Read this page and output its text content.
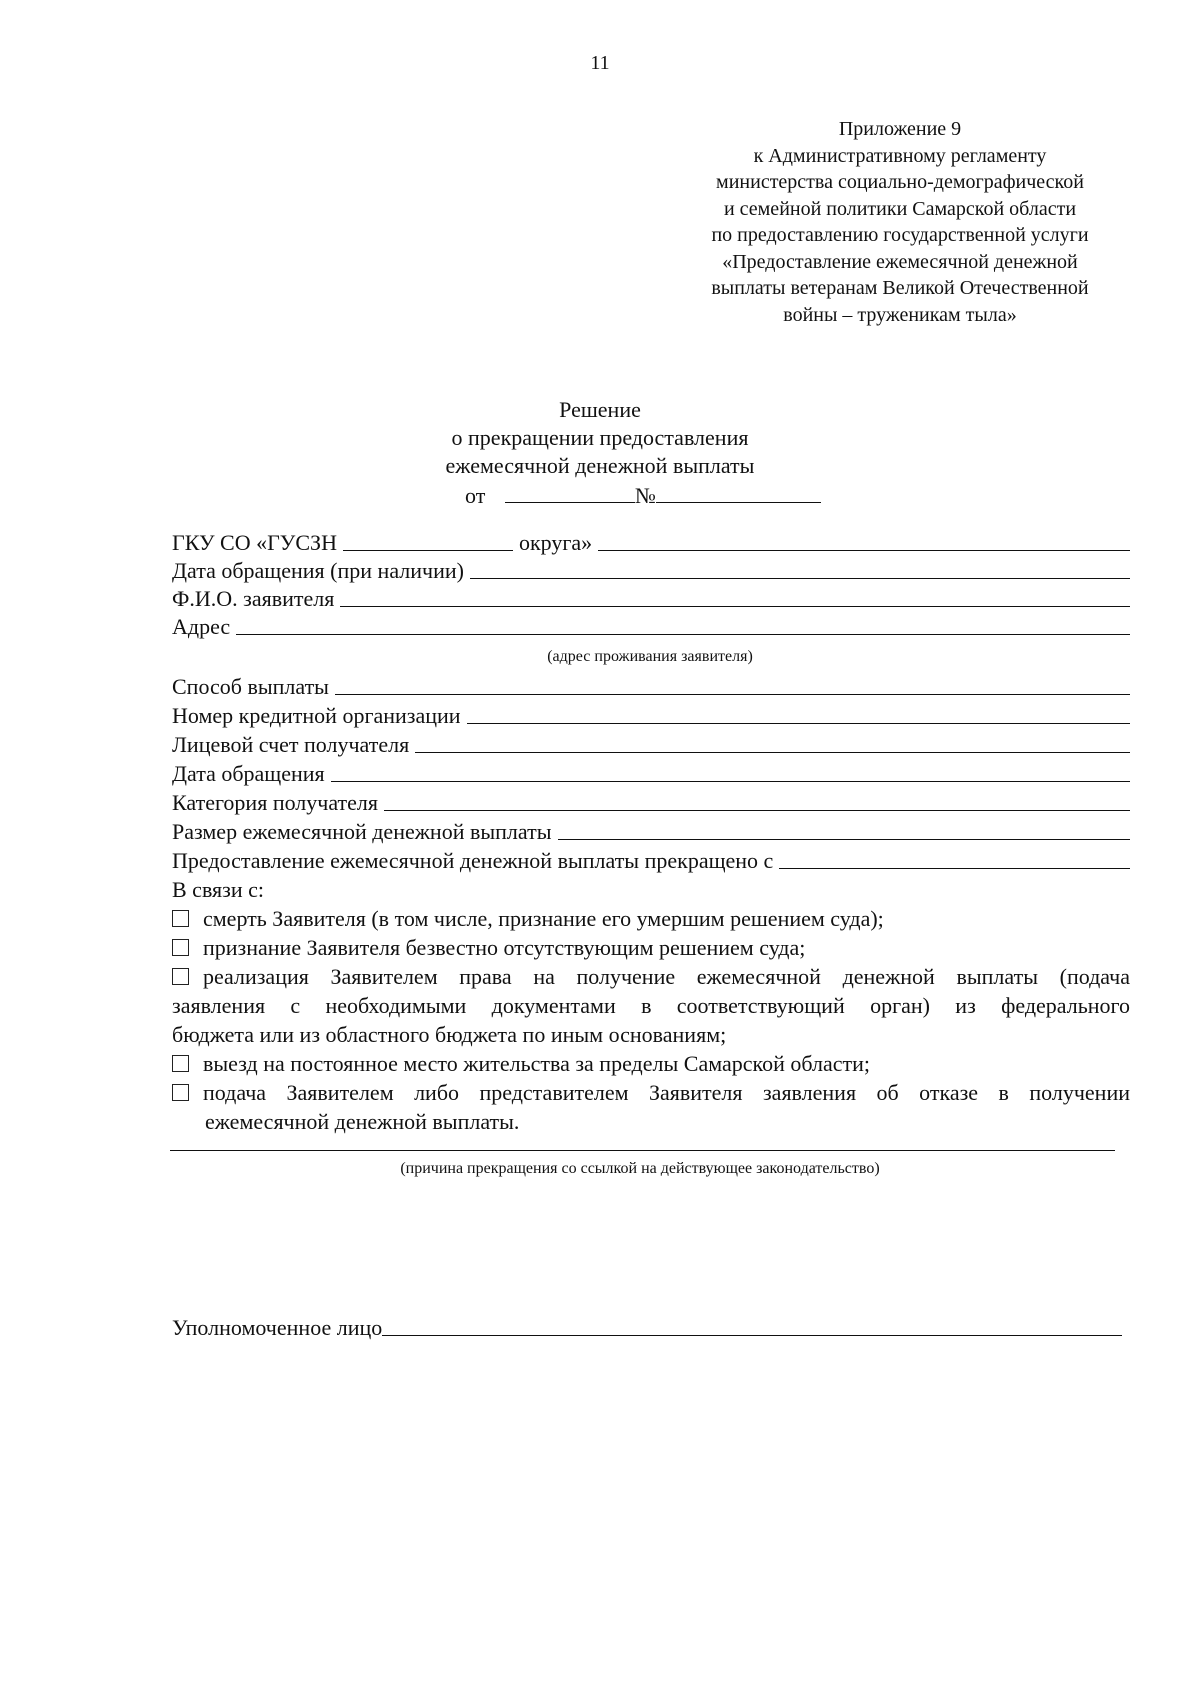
11
Приложение 9
к Административному регламенту
министерства социально-демографической
и семейной политики Самарской области
по предоставлению государственной услуги
«Предоставление ежемесячной денежной
выплаты ветеранам Великой Отечественной
войны – труженикам тыла»
Решение
о прекращении предоставления
ежемесячной денежной выплаты
от	№
ГКУ СО «ГУСЗН	округа»
Дата обращения (при наличии)
Ф.И.О. заявителя
Адрес
(адрес проживания заявителя)
Способ выплаты
Номер кредитной организации
Лицевой счет получателя
Дата обращения
Категория получателя
Размер ежемесячной денежной выплаты
Предоставление ежемесячной денежной выплаты прекращено с
В связи с:
смерть Заявителя (в том числе, признание его умершим решением суда);
признание Заявителя безвестно отсутствующим решением суда;
реализация Заявителем права на получение ежемесячной денежной выплаты (подача
заявления с необходимыми документами в соответствующий орган) из федерального
бюджета или из областного бюджета по иным основаниям;
выезд на постоянное место жительства за пределы Самарской области;
подача Заявителем либо представителем Заявителя заявления об отказе в получении
ежемесячной денежной выплаты.
(причина прекращения со ссылкой на действующее законодательство)
Уполномоченное лицо
